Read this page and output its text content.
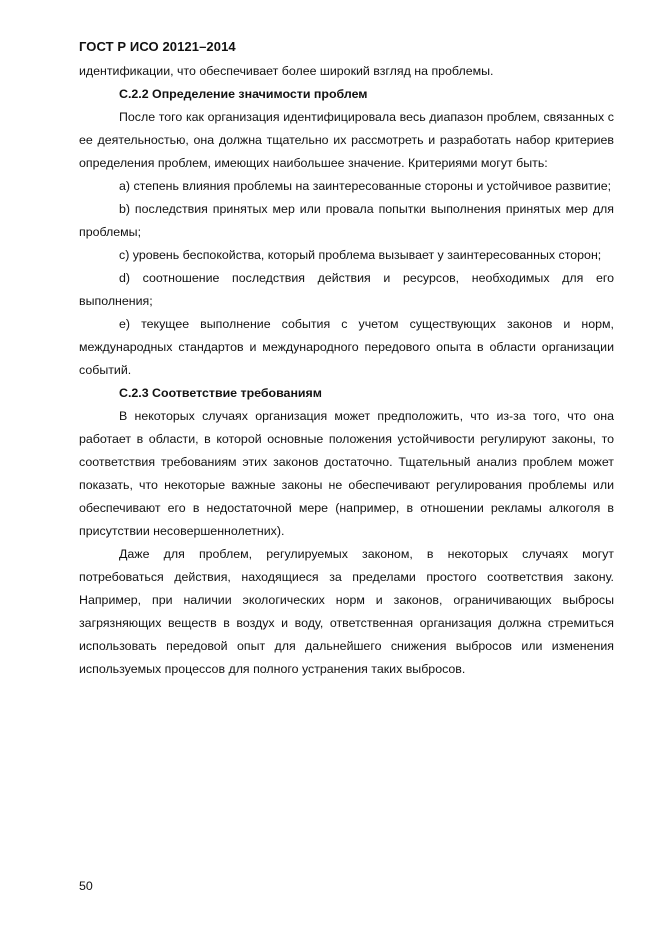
ГОСТ Р ИСО 20121–2014

идентификации, что обеспечивает более широкий взгляд на проблемы.

С.2.2 Определение значимости проблем

После того как организация идентифицировала весь диапазон проблем, связанных с ее деятельностью, она должна тщательно их рассмотреть и разработать набор критериев определения проблем, имеющих наибольшее значение. Критериями могут быть:

а) степень влияния проблемы на заинтересованные стороны и устойчивое развитие;

b) последствия принятых мер или провала попытки выполнения принятых мер для проблемы;

с) уровень беспокойства, который проблема вызывает у заинтересованных сторон;

d) соотношение последствия действия и ресурсов, необходимых для его выполнения;

е) текущее выполнение события с учетом существующих законов и норм, международных стандартов и международного передового опыта в области организации событий.

С.2.3 Соответствие требованиям

В некоторых случаях организация может предположить, что из-за того, что она работает в области, в которой основные положения устойчивости регулируют законы, то соответствия требованиям этих законов достаточно. Тщательный анализ проблем может показать, что некоторые важные законы не обеспечивают регулирования проблемы или обеспечивают его в недостаточной мере (например, в отношении рекламы алкоголя в присутствии несовершеннолетних).

Даже для проблем, регулируемых законом, в некоторых случаях могут потребоваться действия, находящиеся за пределами простого соответствия закону. Например, при наличии экологических норм и законов, ограничивающих выбросы загрязняющих веществ в воздух и воду, ответственная организация должна стремиться использовать передовой опыт для дальнейшего снижения выбросов или изменения используемых процессов для полного устранения таких выбросов.

50
